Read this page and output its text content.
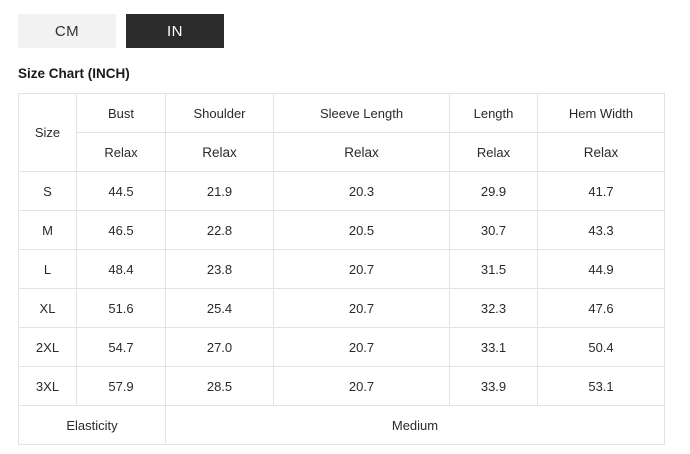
CM	IN
Size Chart (INCH)
Size	Bust	Shoulder	Sleeve Length	Length	Hem Width
	Relax	Relax	Relax	Relax	Relax
S	44.5	21.9	20.3	29.9	41.7
M	46.5	22.8	20.5	30.7	43.3
L	48.4	23.8	20.7	31.5	44.9
XL	51.6	25.4	20.7	32.3	47.6
2XL	54.7	27.0	20.7	33.1	50.4
3XL	57.9	28.5	20.7	33.9	53.1
Elasticity		Medium			
